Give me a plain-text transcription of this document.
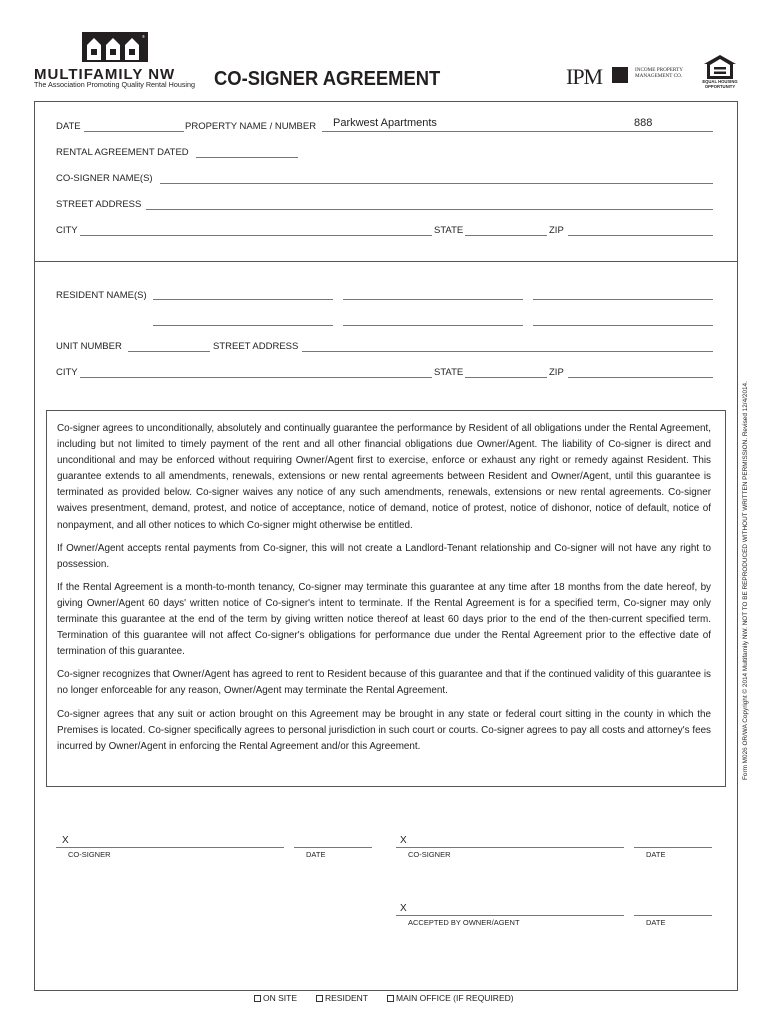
®
MULTIFAMILY NW
The Association Promoting Quality Rental Housing CO-SIGNER AGREEMENT	IPM	INCOME PROPERTY MANAGEMENT CO.
EQUAL HOUSING OPPORTUNITY
DATE	PROPERTY NAME / NUMBER Parkwest Apartments	888
RENTAL AGREEMENT DATED
CO-SIGNER NAME(S)
STREET ADDRESS
CITY	STATE	ZIP
RESIDENT NAME(S)
UNIT NUMBER	STREET ADDRESS
CITY	STATE	ZIP

Co-signer agrees to unconditionally, absolutely and continually guarantee the performance by Resident of all obligations under the Rental Agreement, including but not limited to timely payment of the rent and all other financial obligations due Owner/Agent. The liability of Co-signer is direct and unconditional and may be enforced without requiring Owner/Agent first to exercise, enforce or exhaust any right or remedy against Resident. This guarantee extends to all amendments, renewals, extensions or new rental agreements between Resident and Owner/Agent, until this guarantee is terminated as provided below. Co-signer waives any notice of any such amendments, renewals, extensions or new rental agreements. Co-signer waives presentment, demand, protest, and notice of acceptance, notice of demand, notice of protest, notice of dishonor, notice of default, notice of nonpayment, and all other notices to which Co-signer might otherwise be entitled.

If Owner/Agent accepts rental payments from Co-signer, this will not create a Landlord-Tenant relationship and Co-signer will not have any right to possession.

If the Rental Agreement is a month-to-month tenancy, Co-signer may terminate this guarantee at any time after 18 months from the date hereof, by giving Owner/Agent 60 days' written notice of Co-signer's intent to terminate. If the Rental Agreement is for a specified term, Co-signer may only terminate this guarantee at the end of the term by giving written notice thereof at least 60 days prior to the end of the then-current specified term. Termination of this guarantee will not affect Co-signer's obligations for performance due under the Rental Agreement prior to the effective date of termination of this guarantee.

Co-signer recognizes that Owner/Agent has agreed to rent to Resident because of this guarantee and that if the continued validity of this guarantee is no longer enforceable for any reason, Owner/Agent may terminate the Rental Agreement.

Co-signer agrees that any suit or action brought on this Agreement may be brought in any state or federal court sitting in the county in which the Premises is located. Co-signer specifically agrees to personal jurisdiction in such court or courts. Co-signer agrees to pay all costs and attorney's fees incurred by Owner/Agent in enforcing the Rental Agreement and/or this Agreement.	Form M026 OR/WA Copyright © 2014 Multifamily NW. NOT TO BE REPRODUCED WITHOUT WRITTEN PERMISSION. Revised 12/4/2014.
X
CO-SIGNER	DATE
X
CO-SIGNER	DATE
X
ACCEPTED BY OWNER/AGENT	DATE
ON SITE	RESIDENT	MAIN OFFICE (IF REQUIRED)
